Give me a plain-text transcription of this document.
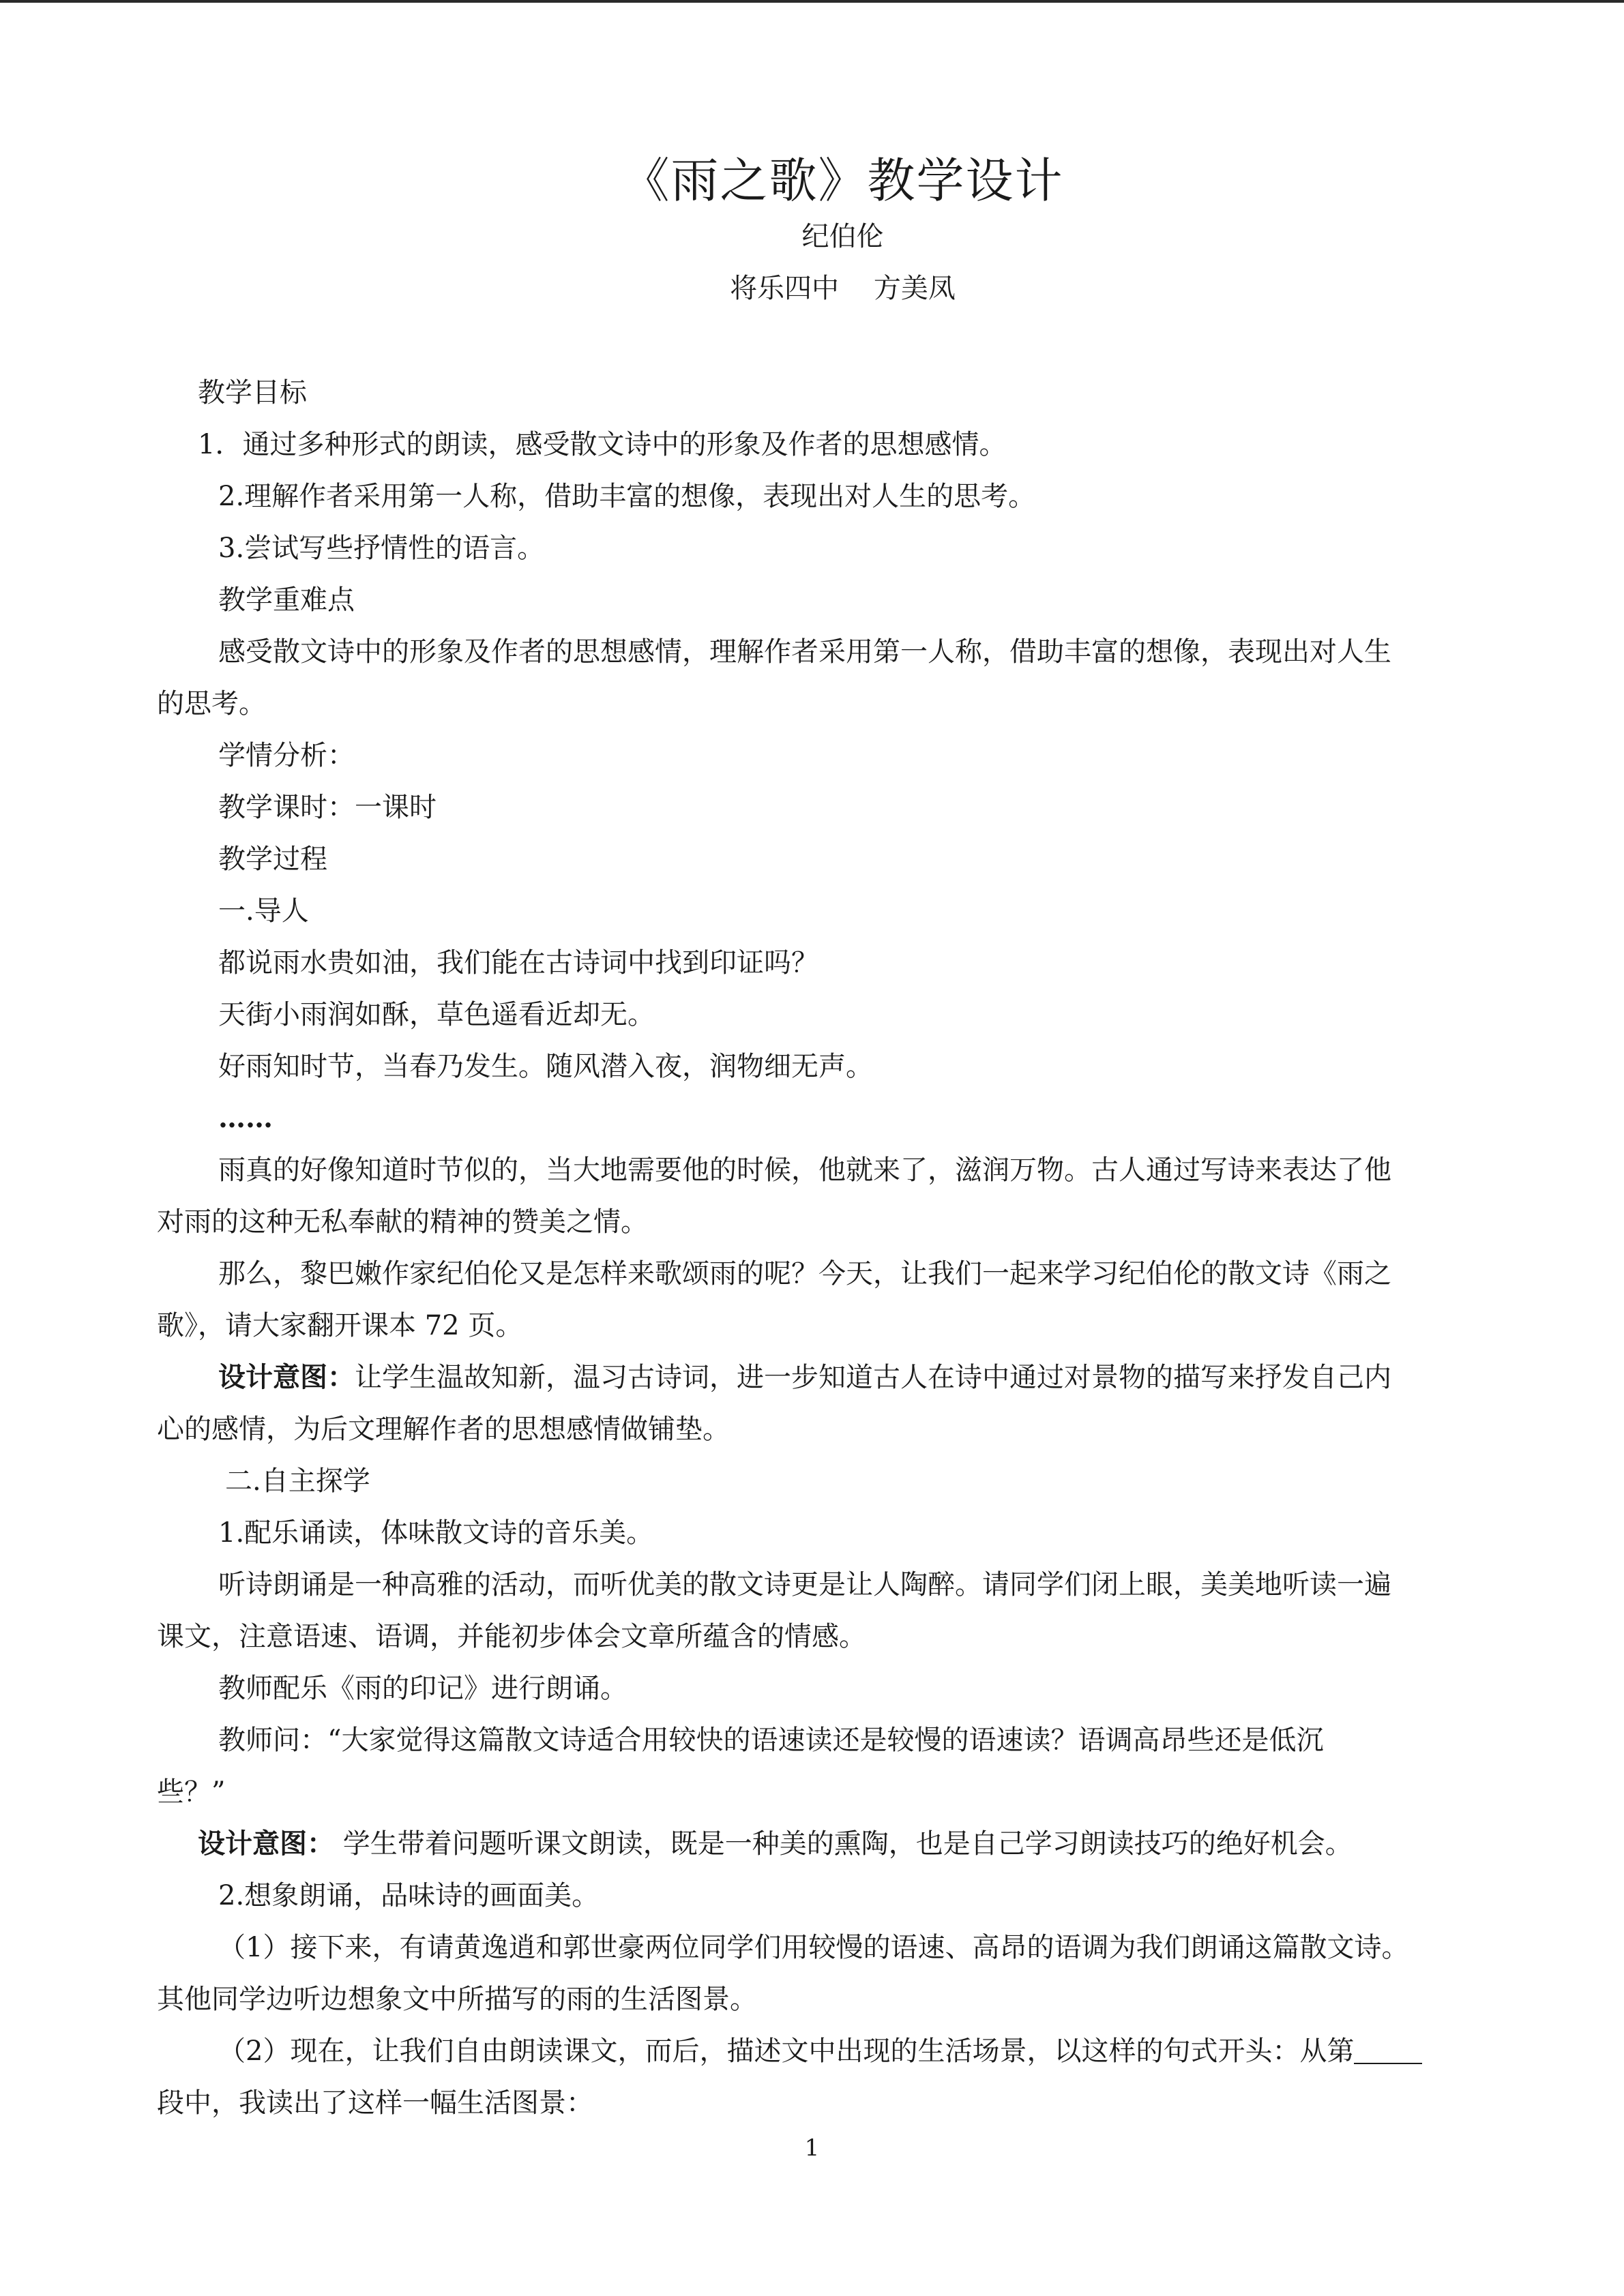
《雨之歌》教学设计
纪伯伦
将乐四中    方美凤
教学目标
1．通过多种形式的朗读，感受散文诗中的形象及作者的思想感情。
2.理解作者采用第一人称，借助丰富的想像，表现出对人生的思考。
3.尝试写些抒情性的语言。
教学重难点
感受散文诗中的形象及作者的思想感情，理解作者采用第一人称，借助丰富的想像，表现出对人生
的思考。
学情分析：
教学课时：一课时
教学过程
一.导人
都说雨水贵如油，我们能在古诗词中找到印证吗？
天街小雨润如酥，草色遥看近却无。
好雨知时节，当春乃发生。随风潜入夜，润物细无声。
……
雨真的好像知道时节似的，当大地需要他的时候，他就来了，滋润万物。古人通过写诗来表达了他
对雨的这种无私奉献的精神的赞美之情。
那么，黎巴嫩作家纪伯伦又是怎样来歌颂雨的呢？今天，让我们一起来学习纪伯伦的散文诗《雨之
歌》，请大家翻开课本 72 页。
设计意图：让学生温故知新，温习古诗词，进一步知道古人在诗中通过对景物的描写来抒发自己内
心的感情，为后文理解作者的思想感情做铺垫。
二.自主探学
1.配乐诵读，体味散文诗的音乐美。
听诗朗诵是一种高雅的活动，而听优美的散文诗更是让人陶醉。请同学们闭上眼，美美地听读一遍
课文，注意语速、语调，并能初步体会文章所蕴含的情感。
教师配乐《雨的印记》进行朗诵。
教师问：“大家觉得这篇散文诗适合用较快的语速读还是较慢的语速读？语调高昂些还是低沉
些？”
设计意图： 学生带着问题听课文朗读，既是一种美的熏陶，也是自己学习朗读技巧的绝好机会。
2.想象朗诵，品味诗的画面美。
（1）接下来，有请黄逸逍和郭世豪两位同学们用较慢的语速、高昂的语调为我们朗诵这篇散文诗。
其他同学边听边想象文中所描写的雨的生活图景。
（2）现在，让我们自由朗读课文，而后，描述文中出现的生活场景，以这样的句式开头：从第
段中，我读出了这样一幅生活图景：
1
